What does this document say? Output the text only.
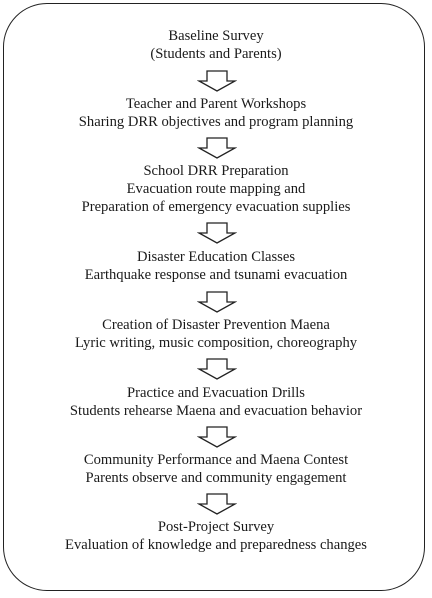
Baseline Survey
(Students and Parents)
Teacher and Parent Workshops
Sharing DRR objectives and program planning
School DRR Preparation
Evacuation route mapping and
Preparation of emergency evacuation supplies
Disaster Education Classes
Earthquake response and tsunami evacuation
Creation of Disaster Prevention Maena
Lyric writing, music composition, choreography
Practice and Evacuation Drills
Students rehearse Maena and evacuation behavior
Community Performance and Maena Contest
Parents observe and community engagement
Post-Project Survey
Evaluation of knowledge and preparedness changes
